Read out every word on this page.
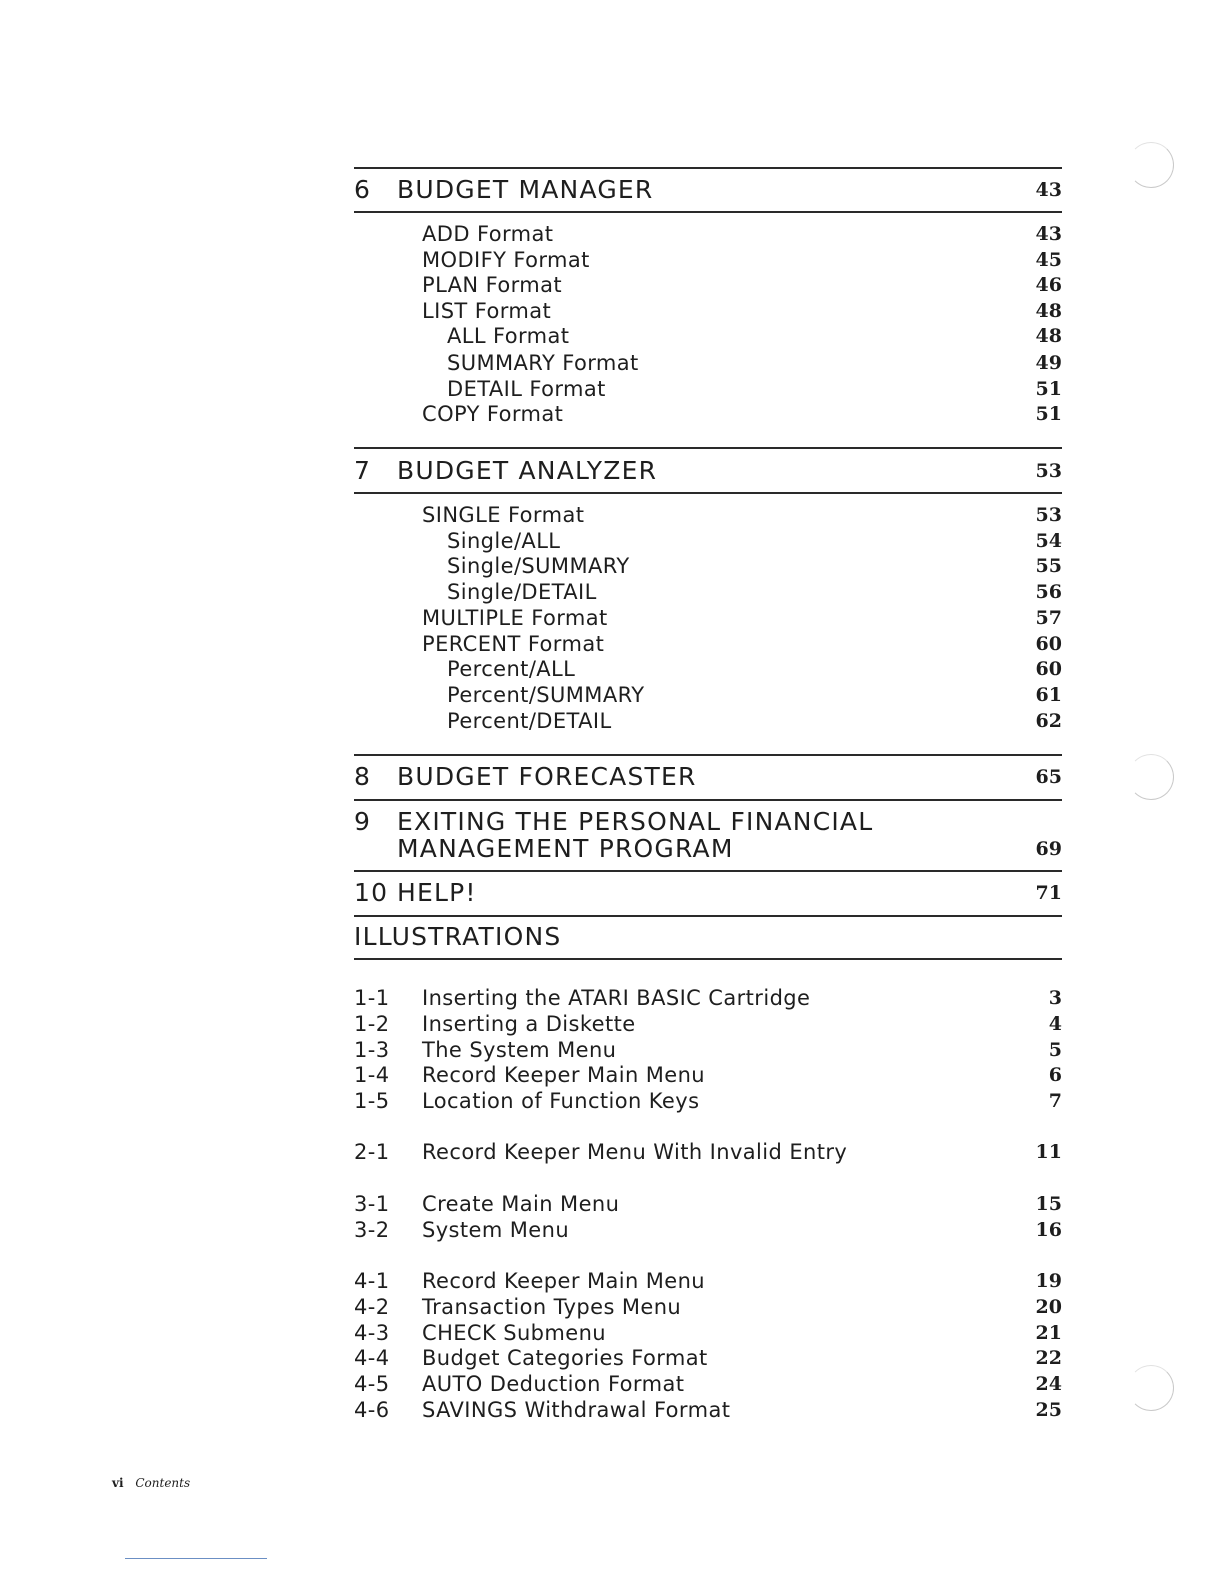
6 BUDGET MANAGER	43
ADD Format	43
MODIFY Format	45
PLAN Format	46
LIST Format	48
ALL Format	48
SUMMARY Format	49
DETAIL Format	51
COPY Format	51
7 BUDGET ANALYZER	53
SINGLE Format	53
Single/ALL	54
Single/SUMMARY	55
Single/DETAIL	56
MULTIPLE Format	57
PERCENT Format	60
Percent/ALL	60
Percent/SUMMARY	61
Percent/DETAIL	62
8 BUDGET FORECASTER	65
9 EXITING THE PERSONAL FINANCIAL
MANAGEMENT PROGRAM	69
10 HELP!	71
ILLUSTRATIONS
1-1 Inserting the ATARI BASIC Cartridge	3
1-2 Inserting a Diskette	4
1-3 The System Menu	5
1-4 Record Keeper Main Menu	6
1-5 Location of Function Keys	7
2-1 Record Keeper Menu With Invalid Entry	11
3-1 Create Main Menu	15
3-2 System Menu	16
4-1 Record Keeper Main Menu	19
4-2 Transaction Types Menu	20
4-3 CHECK Submenu	21
4-4 Budget Categories Format	22
4-5 AUTO Deduction Format	24
4-6 SAVINGS Withdrawal Format	25
vi Contents
